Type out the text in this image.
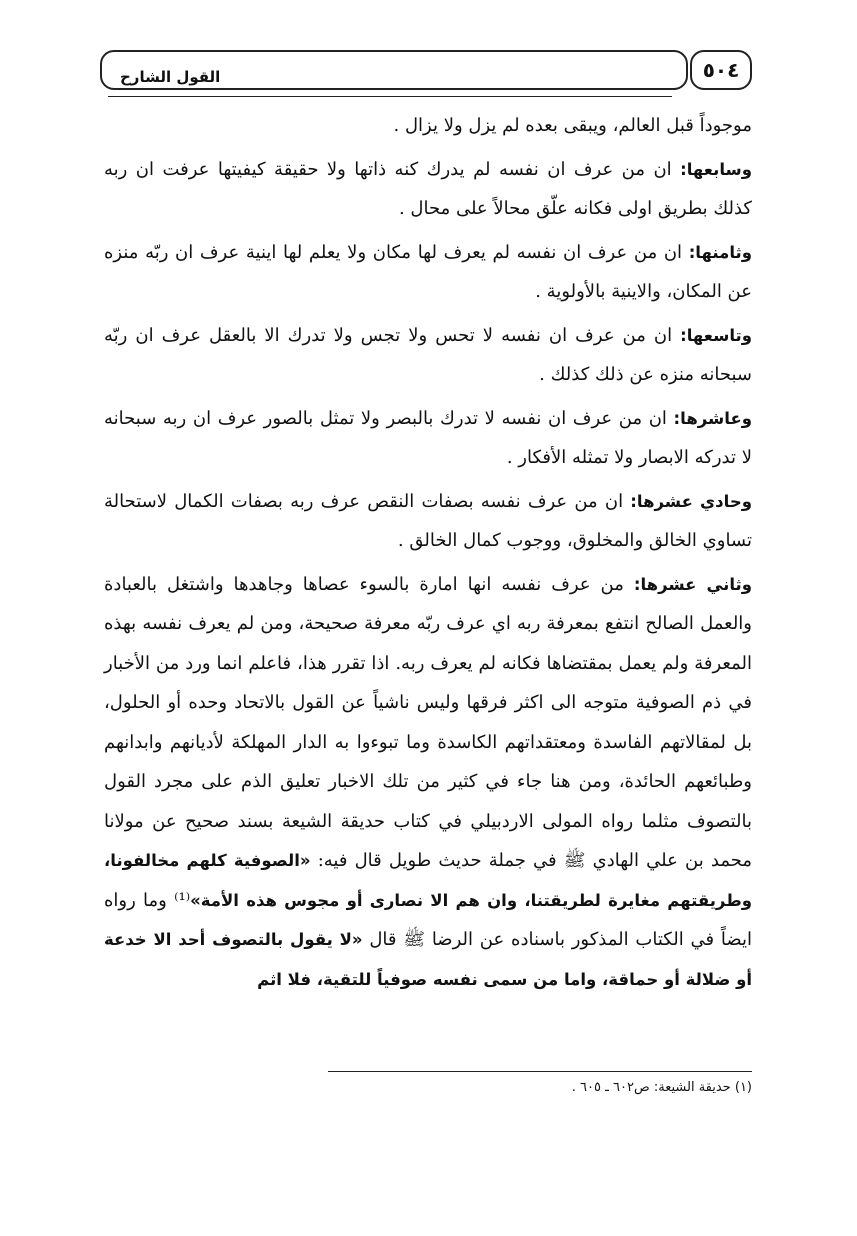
القول الشارح	٥٠٤

موجوداً قبل العالم، ويبقى بعده لم يزل ولا يزال .

وسابعها: ان من عرف ان نفسه لم يدرك كنه ذاتها ولا حقيقة كيفيتها عرفت ان ربه كذلك بطريق اولى فكانه علّق محالاً على محال .

وثامنها: ان من عرف ان نفسه لم يعرف لها مكان ولا يعلم لها اينية عرف ان ربّه منزه عن المكان، والاينية بالأولوية .

وتاسعها: ان من عرف ان نفسه لا تحس ولا تجس ولا تدرك الا بالعقل عرف ان ربّه سبحانه منزه عن ذلك كذلك .

وعاشرها: ان من عرف ان نفسه لا تدرك بالبصر ولا تمثل بالصور عرف ان ربه سبحانه لا تدركه الابصار ولا تمثله الأفكار .

وحادي عشرها: ان من عرف نفسه بصفات النقص عرف ربه بصفات الكمال لاستحالة تساوي الخالق والمخلوق، ووجوب كمال الخالق .

وثاني عشرها: من عرف نفسه انها امارة بالسوء عصاها وجاهدها واشتغل بالعبادة والعمل الصالح انتفع بمعرفة ربه اي عرف ربّه معرفة صحيحة، ومن لم يعرف نفسه بهذه المعرفة ولم يعمل بمقتضاها فكانه لم يعرف ربه. اذا تقرر هذا، فاعلم انما ورد من الأخبار في ذم الصوفية متوجه الى اكثر فرقها وليس ناشياً عن القول بالاتحاد وحده أو الحلول، بل لمقالاتهم الفاسدة ومعتقداتهم الكاسدة وما تبوءوا به الدار المهلكة لأديانهم وابدانهم وطبائعهم الحائدة، ومن هنا جاء في كثير من تلك الاخبار تعليق الذم على مجرد القول بالتصوف مثلما رواه المولى الاردبيلي في كتاب حديقة الشيعة بسند صحيح عن مولانا محمد بن علي الهادي ﷺ في جملة حديث طويل قال فيه: «الصوفية كلهم مخالفونا، وطريقتهم مغايرة لطريقتنا، وان هم الا نصارى أو مجوس هذه الأمة»⁽¹⁾ وما رواه ايضاً في الكتاب المذكور باسناده عن الرضا ﷺ قال «لا يقول بالتصوف أحد الا خدعة أو ضلالة أو حماقة، واما من سمى نفسه صوفياً للتقية، فلا اثم

(١) حديقة الشيعة: ص٦٠٢ ـ ٦٠٥ .
